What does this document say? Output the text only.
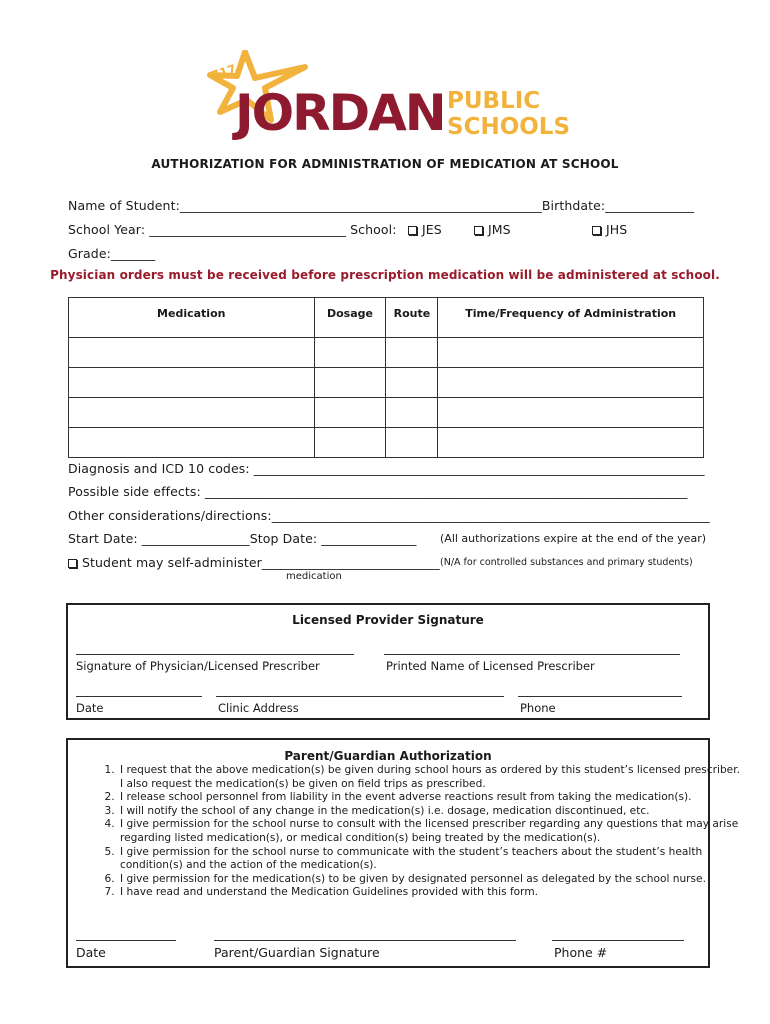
717
JORDAN PUBLIC
SCHOOLS
AUTHORIZATION FOR ADMINISTRATION OF MEDICATION AT SCHOOL
Name of Student:_________________________________________________________Birthdate:______________
School Year: _______________________________ School:	JES	JMS	JHS
Grade:_______
Physician orders must be received before prescription medication will be administered at school.
Medication	Dosage	Route	Time/Frequency of Administration

Diagnosis and ICD 10 codes: _______________________________________________________________________
Possible side effects: ____________________________________________________________________________
Other considerations/directions:_____________________________________________________________________
Start Date: _________________Stop Date: _______________ (All authorizations expire at the end of the year)
Student may self-administer____________________________ (N/A for controlled substances and primary students)
medication
Licensed Provider Signature
Signature of Physician/Licensed Prescriber	Printed Name of Licensed Prescriber
Date	Clinic Address	Phone
Parent/Guardian Authorization
Date	Parent/Guardian Signature	Phone #
1. I request that the above medication(s) be given during school hours as ordered by this student’s licensed prescriber. I also request the medication(s) be given on field trips as prescribed.
2. I release school personnel from liability in the event adverse reactions result from taking the medication(s).
3. I will notify the school of any change in the medication(s) i.e. dosage, medication discontinued, etc.
4. I give permission for the school nurse to consult with the licensed prescriber regarding any questions that may arise regarding listed medication(s), or medical condition(s) being treated by the medication(s).
5. I give permission for the school nurse to communicate with the student’s teachers about the student’s health condition(s) and the action of the medication(s).
6. I give permission for the medication(s) to be given by designated personnel as delegated by the school nurse.
7. I have read and understand the Medication Guidelines provided with this form.
